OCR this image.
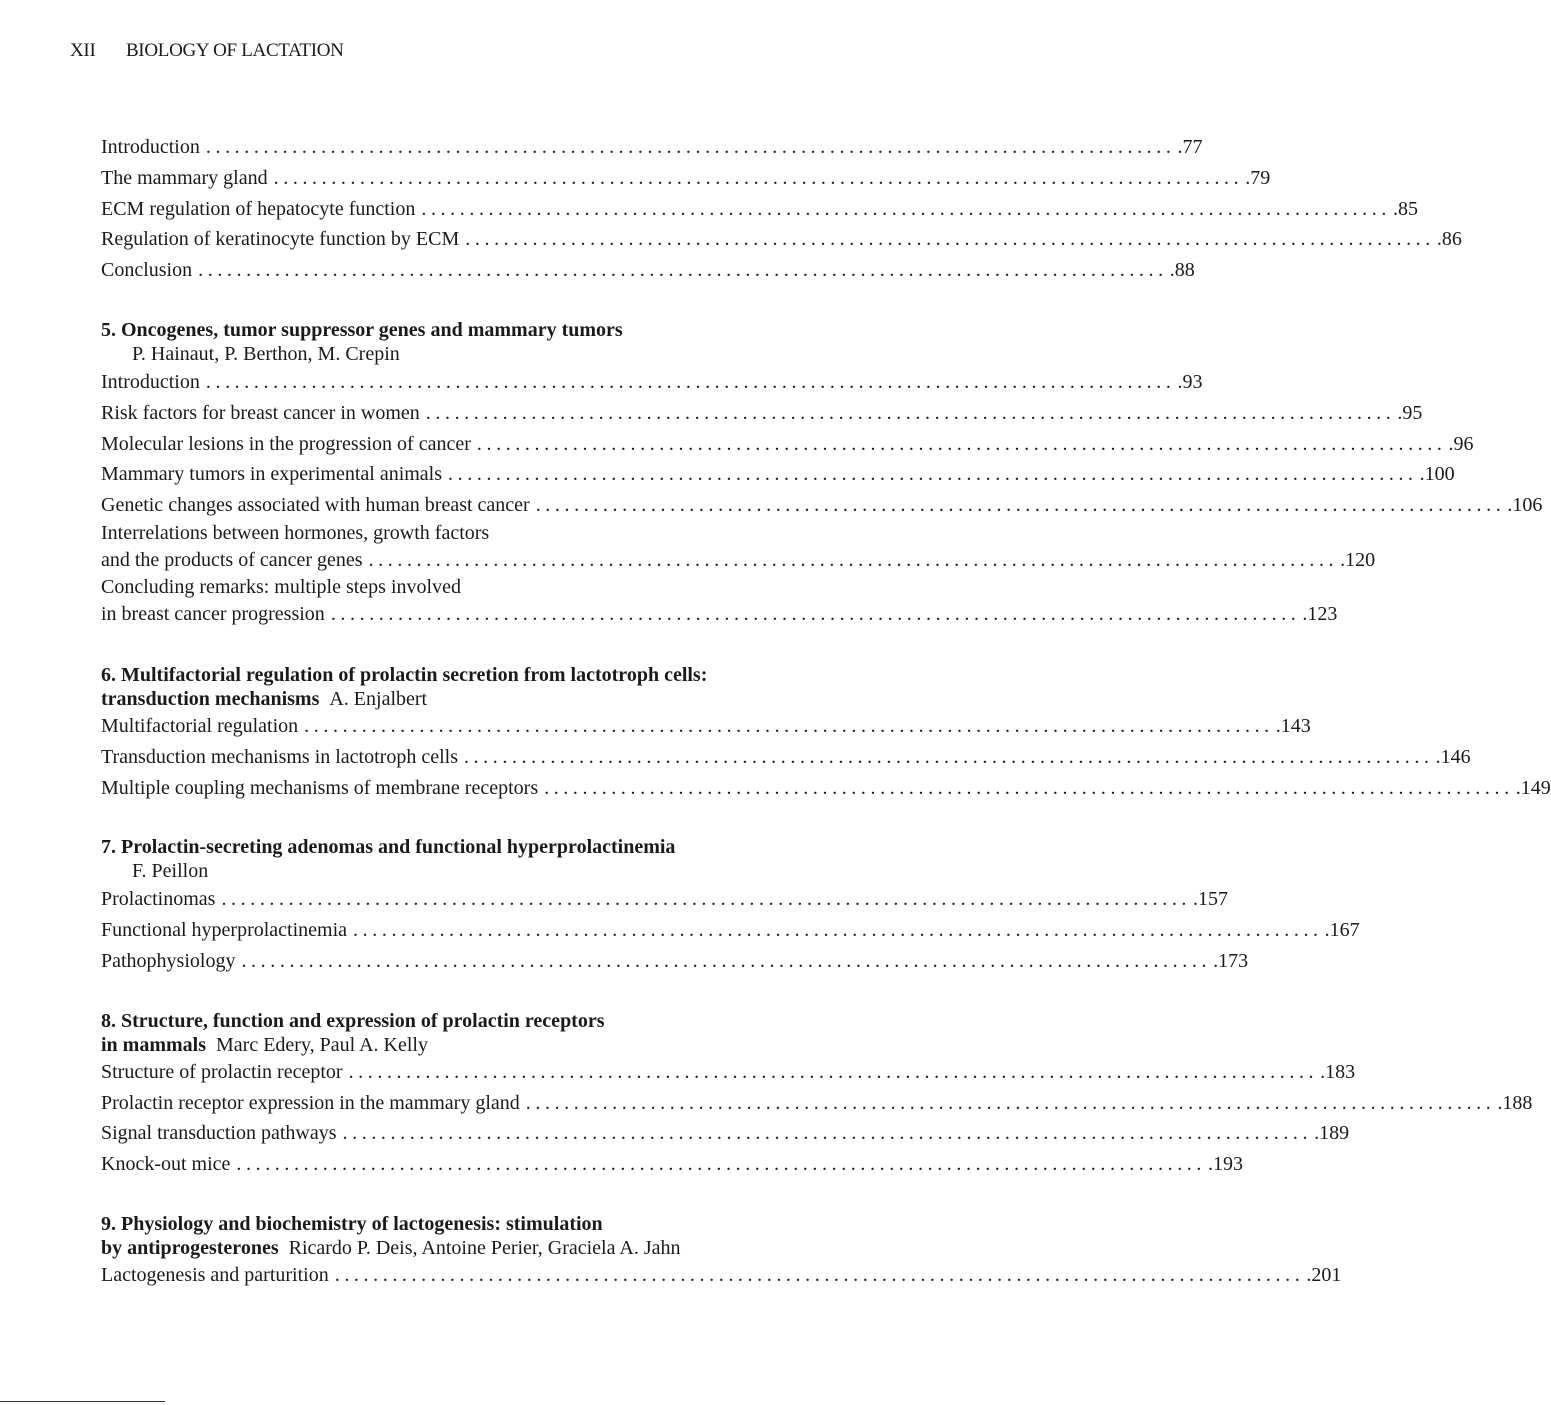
XII BIOLOGY OF LACTATION
Introduction ..................................................................................................... .77
The mammary gland ..................................................................................................... .79
ECM regulation of hepatocyte function ..................................................................................................... .85
Regulation of keratinocyte function by ECM ..................................................................................................... .86
Conclusion ..................................................................................................... .88
5. Oncogenes, tumor suppressor genes and mammary tumors
P. Hainaut, P. Berthon, M. Crepin
Introduction ..................................................................................................... .93
Risk factors for breast cancer in women ..................................................................................................... .95
Molecular lesions in the progression of cancer ..................................................................................................... .96
Mammary tumors in experimental animals ..................................................................................................... .100
Genetic changes associated with human breast cancer ..................................................................................................... .106
Interrelations between hormones, growth factors
and the products of cancer genes ..................................................................................................... .120
Concluding remarks: multiple steps involved
in breast cancer progression ..................................................................................................... .123
6. Multifactorial regulation of prolactin secretion from lactotroph cells:
transduction mechanisms A. Enjalbert
Multifactorial regulation ..................................................................................................... .143
Transduction mechanisms in lactotroph cells ..................................................................................................... .146
Multiple coupling mechanisms of membrane receptors ..................................................................................................... .149
7. Prolactin-secreting adenomas and functional hyperprolactinemia
F. Peillon
Prolactinomas ..................................................................................................... .157
Functional hyperprolactinemia ..................................................................................................... .167
Pathophysiology ..................................................................................................... .173
8. Structure, function and expression of prolactin receptors
in mammals Marc Edery, Paul A. Kelly
Structure of prolactin receptor ..................................................................................................... .183
Prolactin receptor expression in the mammary gland ..................................................................................................... .188
Signal transduction pathways ..................................................................................................... .189
Knock-out mice ..................................................................................................... .193
9. Physiology and biochemistry of lactogenesis: stimulation
by antiprogesterones Ricardo P. Deis, Antoine Perier, Graciela A. Jahn
Lactogenesis and parturition ..................................................................................................... .201
